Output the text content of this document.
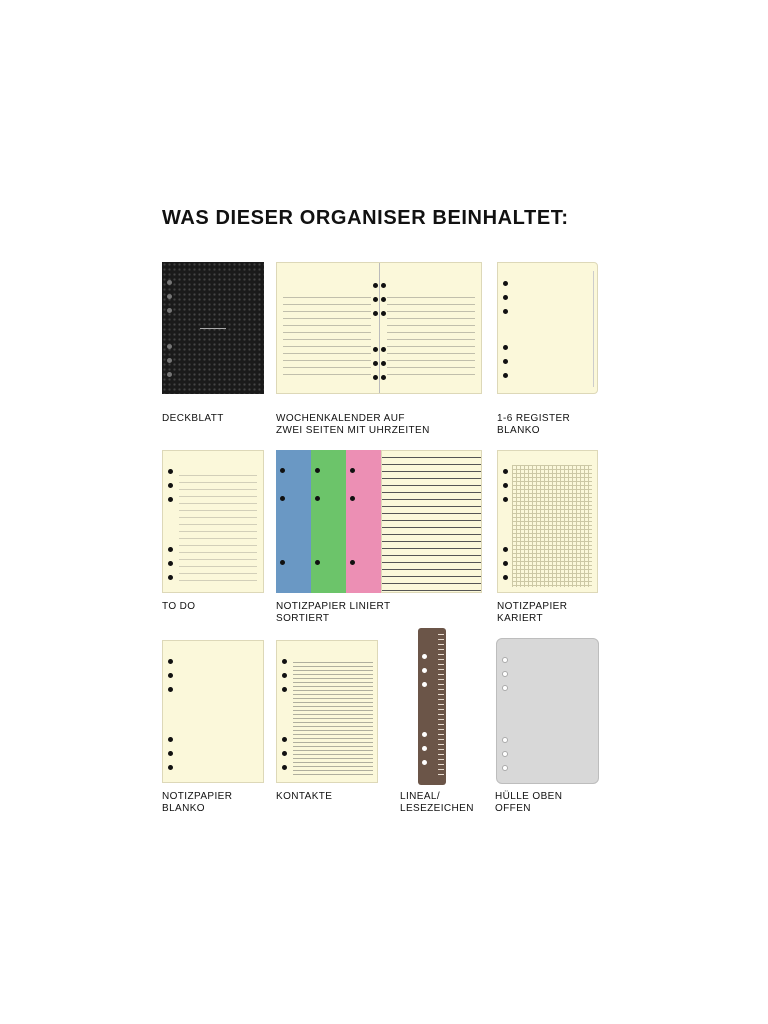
WAS DIESER ORGANISER BEINHALTET:
DECKBLATT	WOCHENKALENDER AUF
ZWEI SEITEN MIT UHRZEITEN
1-6 REGISTER
BLANKO
TO DO	NOTIZPAPIER LINIERT
SORTIERT
NOTIZPAPIER
KARIERT
NOTIZPAPIER
BLANKO
KONTAKTE	LINEAL/
LESEZEICHEN
HÜLLE OBEN
OFFEN
